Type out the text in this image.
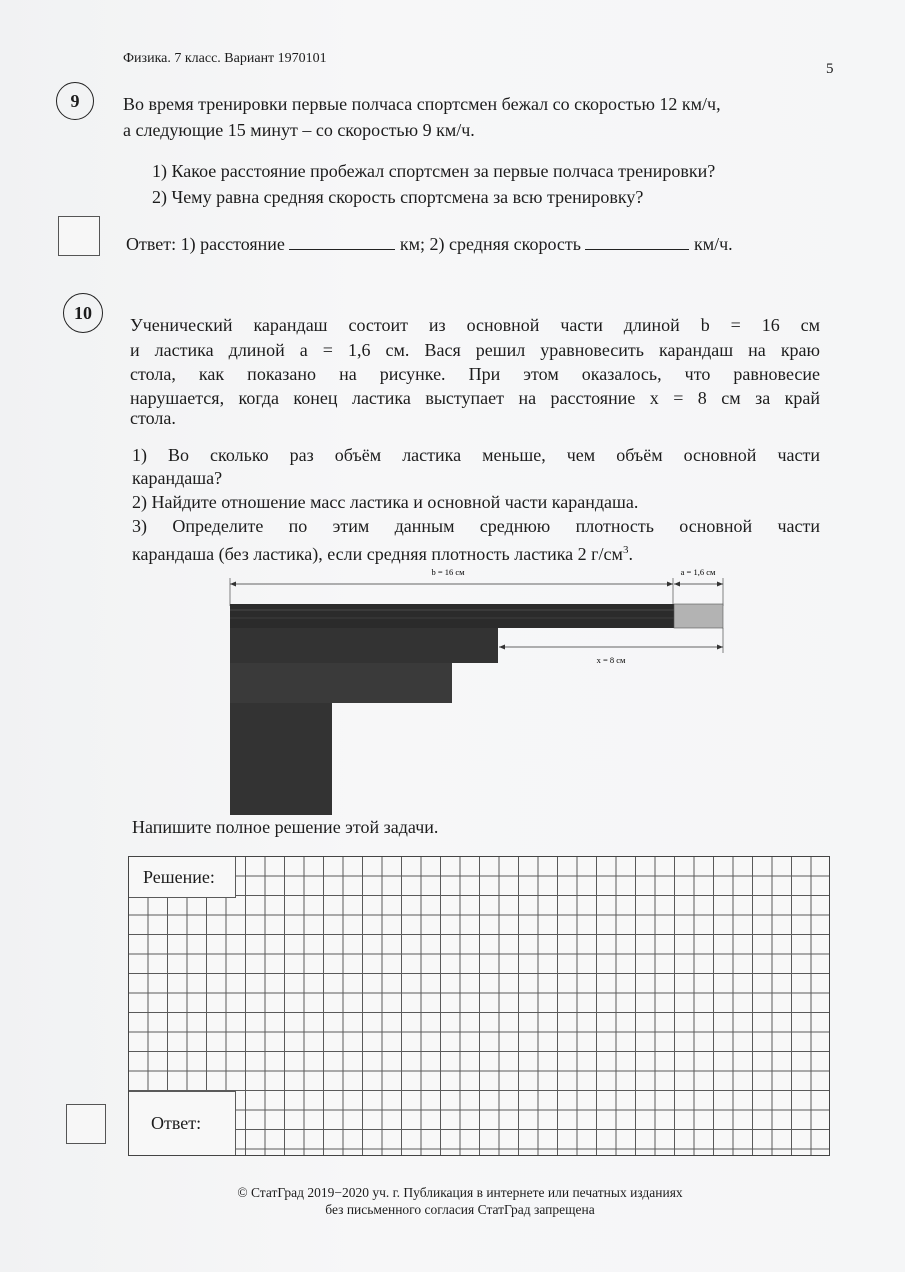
Физика. 7 класс. Вариант 1970101
5
9 Во время тренировки первые полчаса спортсмен бежал со скоростью 12 км/ч,
а следующие 15 минут – со скоростью 9 км/ч.
1) Какое расстояние пробежал спортсмен за первые полчаса тренировки?
2) Чему равна средняя скорость спортсмена за всю тренировку?
Ответ: 1) расстояние	км; 2) средняя скорость	км/ч.
10
Ученический карандаш состоит из основной части длиной b = 16 см
и ластика длиной a = 1,6 см. Вася решил уравновесить карандаш на краю
стола, как показано на рисунке. При этом оказалось, что равновесие
нарушается, когда конец ластика выступает на расстояние x = 8 см за край
стола.
1) Во сколько раз объём ластика меньше, чем объём основной части
карандаша?
2) Найдите отношение масс ластика и основной части карандаша.
3) Определите по этим данным среднюю плотность основной части
карандаша (без ластика), если средняя плотность ластика 2 $г/см^3$.
b = 16 см	a = 1,6 см
x = 8 см
Напишите полное решение этой задачи.
Решение:
Ответ:
© СтатГрад 2019−2020 уч. г. Публикация в интернете или печатных изданиях
без письменного согласия СтатГрад запрещена
